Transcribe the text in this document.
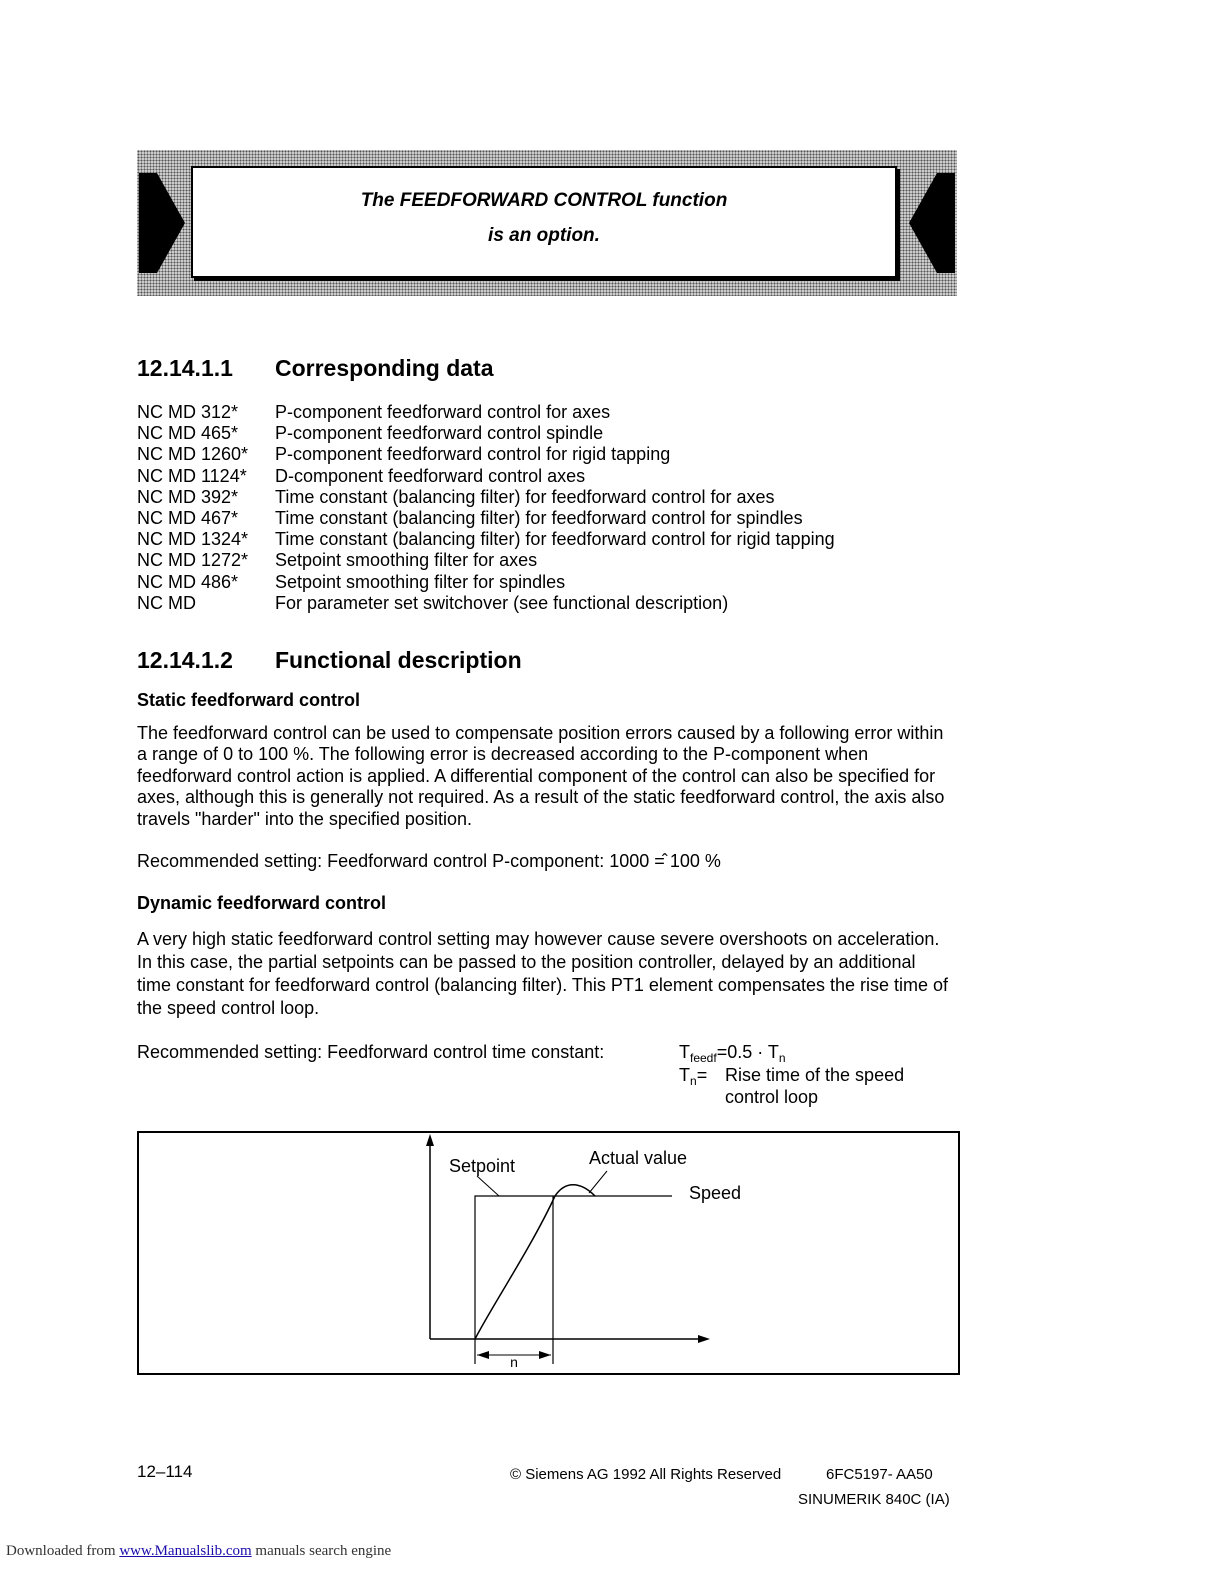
The FEEDFORWARD CONTROL function
is an option.
12.14.1.1 Corresponding data
NC MD 312*	P-component feedforward control for axes
NC MD 465*	P-component feedforward control spindle
NC MD 1260*	P-component feedforward control for rigid tapping
NC MD 1124*	D-component feedforward control axes
NC MD 392*	Time constant (balancing filter) for feedforward control for axes
NC MD 467*	Time constant (balancing filter) for feedforward control for spindles
NC MD 1324*	Time constant (balancing filter) for feedforward control for rigid tapping
NC MD 1272*	Setpoint smoothing filter for axes
NC MD 486*	Setpoint smoothing filter for spindles
NC MD	For parameter set switchover (see functional description)
12.14.1.2 Functional description
Static feedforward control
The feedforward control can be used to compensate position errors caused by a following error within a range of 0 to 100 %. The following error is decreased according to the P-component when feedforward control action is applied. A differential component of the control can also be specified for axes, although this is generally not required. As a result of the static feedforward control, the axis also travels "harder" into the specified position.
Recommended setting: Feedforward control P-component: 1000 =̂ 100 %
Dynamic feedforward control
A very high static feedforward control setting may however cause severe overshoots on acceleration. In this case, the partial setpoints can be passed to the position controller, delayed by an additional time constant for feedforward control (balancing filter). This PT1 element compensates the rise time of the speed control loop.
Recommended setting: Feedforward control time constant:	$T_{feedf}=0.5 \cdot T_n$
$T_n=$ Rise time of the speed
control loop
Setpoint	Actual value
Speed
n
12–114	© Siemens AG 1992 All Rights Reserved	6FC5197- AA50
SINUMERIK 840C (IA)
Downloaded from www.Manualslib.com manuals search engine
